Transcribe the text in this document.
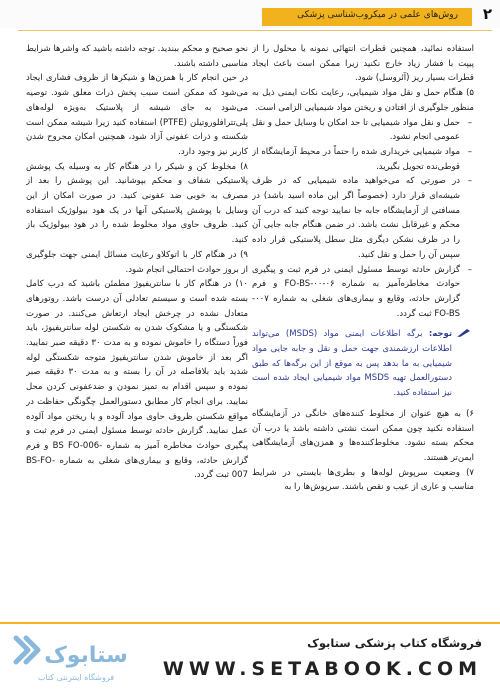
روش‌های علمی در میکروب‌شناسی پزشکی ۲

استفاده نمائید، همچنین قطرات انتهائی نمونه یا محلول را از پیپت با فشار زیاد خارج نکنید زیرا ممکن است باعث ایجاد قطرات بسیار ریز (آئروسل) شود.

۵) هنگام حمل و نقل مواد شیمیایی، رعایت نکات ایمنی ذیل به منظور جلوگیری از افتادن و ریختن مواد شیمیایی الزامی است.

– حمل و نقل مواد شیمیایی تا حد امکان با وسایل حمل و نقل عمومی انجام نشود.

– مواد شیمیایی خریداری شده را حتماً در محیط آزمایشگاه از قوطی‌نده تحویل بگیرید.

– در صورتی که می‌خواهید ماده شیمیایی که در ظرف شیشه‌ای قرار دارد (خصوصاً اگر این ماده اسید باشد) در مسافتی از آزمایشگاه جابه جا نمایید توجه کنید که درب آن محکم و غیرقابل نشت باشد. در ضمن هنگام جابه جایی آن را در ظرف نشکن دیگری مثل سطل پلاستیکی قرار داده سپس آن را حمل و نقل کنید.

– گزارش حادثه توسط مسئول ایمنی در فرم ثبت و پیگیری حوادث مخاطره‌آمیز به شماره ۰۶-۰۰-FO-BS و فرم گزارش حادثه، وقایع و بیماری‌های شغلی به شماره ۰۰۷-FO-BS ثبت گردد.

توجه: برگه اطلاعات ایمنی مواد (MSDS) می‌تواند اطلاعات ارزشمندی جهت حمل و نقل و جابه جایی مواد شیمیایی به ما بدهد پس به موقع از این برگه‌ها که طبق دستورالعمل تهیه MSDS مواد شیمیایی ایجاد شده است نیز استفاده کنید.

۶) به هیچ عنوان از مخلوط کننده‌های خانگی در آزمایشگاه استفاده نکنید چون ممکن است نشتی داشته باشد یا درب آن محکم بسته نشود. مخلوط‌کننده‌ها و همزن‌های آزمایشگاهی ایمن‌تر هستند.

۷) وضعیت سرپوش لوله‌ها و بطری‌ها بایستی در شرایط مناسب و عاری از عیب و نقص باشند. سرپوش‌ها را به

نحو صحیح و محکم ببندید. توجه داشته باشید که واشرها شرایط مناسبی داشته باشند.

در حین انجام کار با همزن‌ها و شیکرها از ظروف فشاری ایجاد می‌شود که ممکن است سبب پخش ذرات معلق شود. توصیه می‌شود به جای شیشه از پلاستیک به‌ویژه لوله‌های پلی‌تترافلوروتیلن (PTFE) استفاده کنید زیرا شیشه ممکن است شکسته و ذرات عفونی آزاد شود، همچنین امکان مجروح شدن کاربر نیز وجود دارد.

۸) مخلوط کن و شیکر را در هنگام کار به وسیله یک پوشش پلاستیکی شفاف و محکم بپوشانید. این پوشش را بعد از مصرف به خوبی ضد عفونی کنید. در صورت امکان از این وسایل با پوشش پلاستیکی آنها در یک هود بیولوژیک استفاده کنید. ظروف حاوی مواد مخلوط شده را در هود بیولوژیک باز کنید.

۹) در هنگام کار با اتوکلاو رعایت مسائل ایمنی جهت جلوگیری از بروز حوادث احتمالی انجام شود.

۱۰) در هنگام کار با سانتریفیوژ مطمئن باشید که درب کامل بسته شده است و سیستم تعادلی آن درست باشد. روتورهای متعادل نشده در چرخش ایجاد ارتعاش می‌کنند. در صورت شکستگی و یا مشکوک شدن به شکستن لوله سانتریفیوژ، باید فوراً دستگاه را خاموش نموده و به مدت ۳۰ دقیقه صبر نمایید. اگر بعد از خاموش شدن سانتریفیوژ متوجه شکستگی لوله شدید باید بلافاصله در آن را بسته و به مدت ۳۰ دقیقه صبر نموده و سپس اقدام به تمیز نمودن و ضدعفونی کردن محل نمایید. برای انجام کار مطابق دستورالعمل چگونگی حفاظت در مواقع شکستن ظروف حاوی مواد آلوده و یا ریختن مواد آلوده عمل نمایید. گزارش حادثه توسط مسئول ایمنی در فرم ثبت و پیگیری حوادث مخاطره آمیز به شماره -BS FO-006 و فرم گزارش حادثه، وقایع و بیماری‌های شغلی به شماره BS-FO-007 ثبت گردد.

ستابوک
فروشگاه اینترنتی کتاب
فروشگاه کتاب پزشکی ستابوک
WWW.SETABOOK.COM
